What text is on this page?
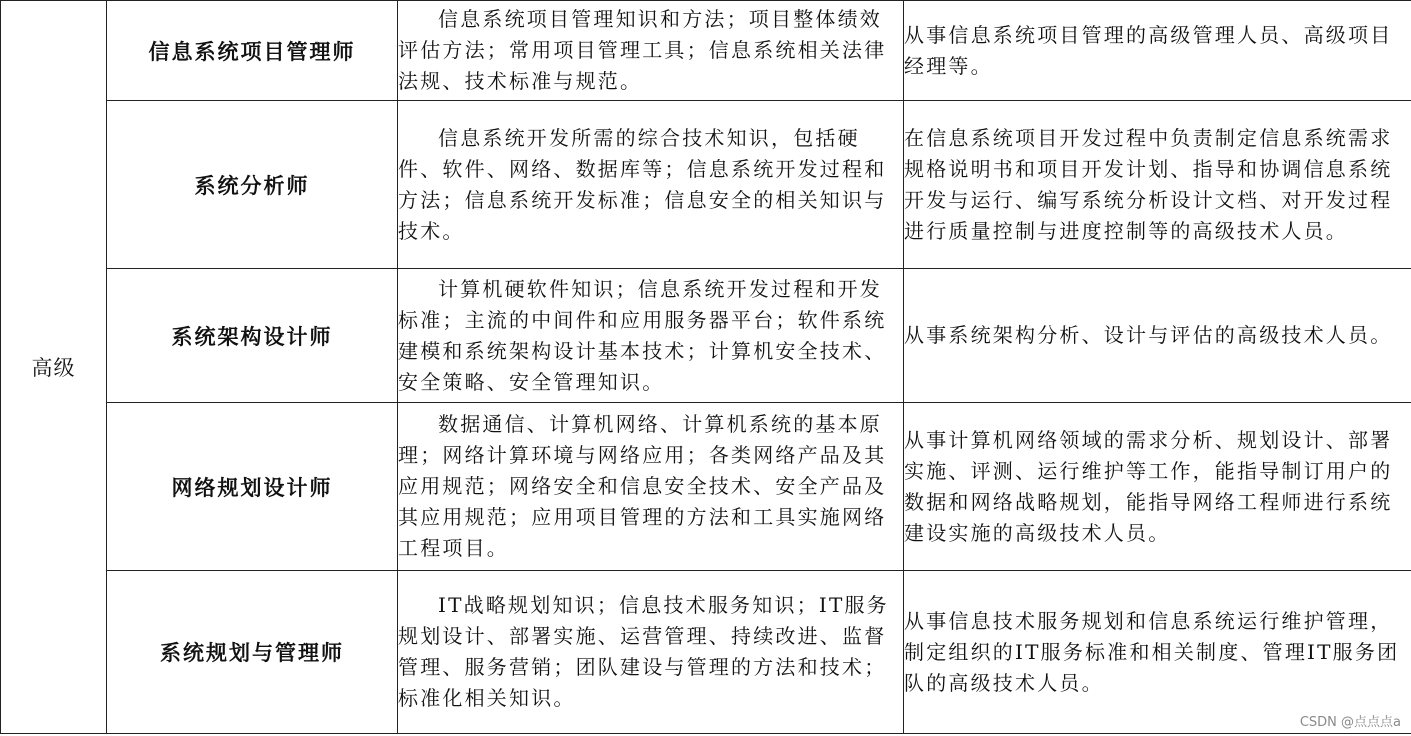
高级	信息系统项目管理师	信息系统项目管理知识和方法；项目整体绩效评估方法；常用项目管理工具；信息系统相关法律法规、技术标准与规范。	从事信息系统项目管理的高级管理人员、高级项目经理等。
	系统分析师	信息系统开发所需的综合技术知识，包括硬件、软件、网络、数据库等；信息系统开发过程和方法；信息系统开发标准；信息安全的相关知识与技术。	在信息系统项目开发过程中负责制定信息系统需求规格说明书和项目开发计划、指导和协调信息系统开发与运行、编写系统分析设计文档、对开发过程进行质量控制与进度控制等的高级技术人员。
	系统架构设计师	计算机硬软件知识；信息系统开发过程和开发标准；主流的中间件和应用服务器平台；软件系统建模和系统架构设计基本技术；计算机安全技术、安全策略、安全管理知识。	从事系统架构分析、设计与评估的高级技术人员。
	网络规划设计师	数据通信、计算机网络、计算机系统的基本原理；网络计算环境与网络应用；各类网络产品及其应用规范；网络安全和信息安全技术、安全产品及其应用规范；应用项目管理的方法和工具实施网络工程项目。	从事计算机网络领域的需求分析、规划设计、部署实施、评测、运行维护等工作，能指导制订用户的数据和网络战略规划，能指导网络工程师进行系统建设实施的高级技术人员。
	系统规划与管理师	IT战略规划知识；信息技术服务知识；IT服务规划设计、部署实施、运营管理、持续改进、监督管理、服务营销；团队建设与管理的方法和技术；标准化相关知识。	从事信息技术服务规划和信息系统运行维护管理，制定组织的IT服务标准和相关制度、管理IT服务团队的高级技术人员。
CSDN @点点点a
